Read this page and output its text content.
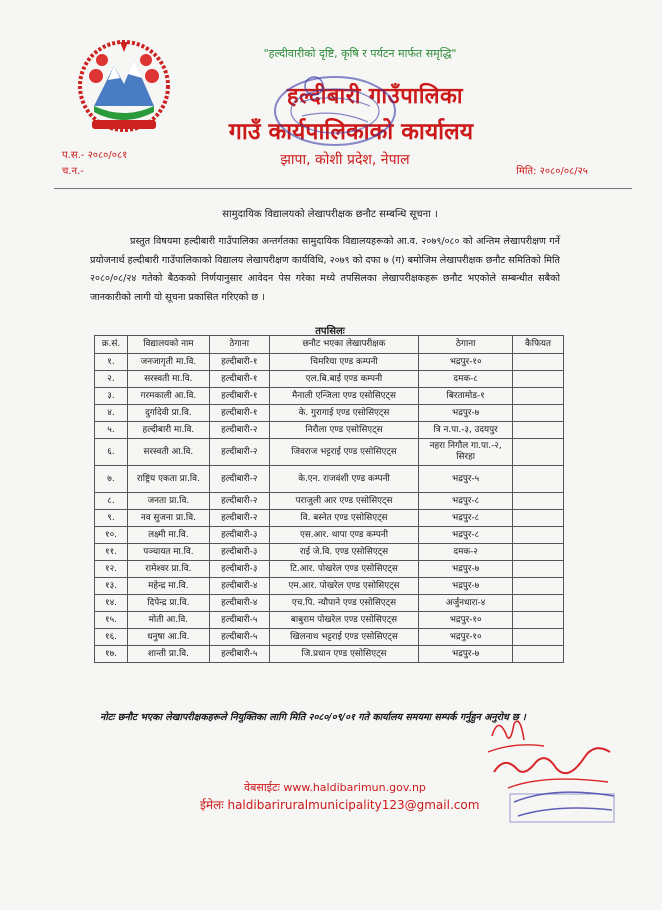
"हल्दीवारीको दृष्टि, कृषि र पर्यटन मार्फत समृद्धि"
हल्दीबारी गाउँपालिका
गाउँ कार्यपालिकाको कार्यालय
झापा, कोशी प्रदेश, नेपाल
प.स.- २०८०/०८१
च.न.-	मिति: २०८०/०८/२५
सामुदायिक विद्यालयको लेखापरीक्षक छनौट सम्बन्धि सूचना ।
प्रस्तुत विषयमा हल्दीबारी गाउँपालिका अन्तर्गतका सामुदायिक विद्यालयहरूको आ.व. २०७९/०८० को अन्तिम लेखापरीक्षण गर्ने प्रयोजनार्थ हल्दीबारी गाउँपालिकाको विद्यालय लेखापरीक्षण कार्यविधि, २०७९ को दफा ७ (ग) बमोजिम लेखापरीक्षक छनौट समितिको मिति २०८०/०८/२४ गतेको बैठकको निर्णयानुसार आवेदन पेस गरेका मध्ये तपसिलका लेखापरीक्षकहरू छनौट भएकोले सम्बन्धीत सबैको जानकारीको लागी यो सूचना प्रकासित गरिएको छ ।
तपसिलः
क्र.सं.	विद्यालयको नाम	ठेगाना	छनौट भएका लेखापरीक्षक	ठेगाना	कैफियत
१.	जनजागृती मा.वि.	हल्दीबारी-१	चिमरिया एण्ड कम्पनी	भद्रपुर-१०	
२.	सरस्वती मा.वि.	हल्दीबारी-१	एल.बि.बाई एण्ड कम्पनी	दमक-८	
३.	गरमकाली आ.वि.	हल्दीबारी-१	मैनाली एन्जिला एण्ड एसोसिएट्स	बिरतामोड-१	
४.	दुर्गादेवी प्रा.वि.	हल्दीबारी-१	के. गुरागाई एण्ड एसोसिएट्स	भद्रपुर-७	
५.	हल्दीबारी मा.वि.	हल्दीबारी-२	निरौला एण्ड एसोसिएट्स	त्रि न.पा.-३, उदयपुर	
६.	सरस्वती आ.वि.	हल्दीबारी-२	जिवराज भट्टराई एण्ड एसोसिएट्स	नहरा निगौल गा.पा.-२, सिरहा	
७.	राष्ट्रिय एकता प्रा.वि.	हल्दीबारी-२	के.एन. राजवंशी एण्ड कम्पनी	भद्रपुर-५	
८.	जनता प्रा.वि.	हल्दीबारी-२	पराजुली आर एण्ड एसोसिएट्स	भद्रपुर-८	
९.	नव सुजना प्रा.वि.	हल्दीबारी-२	वि. बस्नेत एण्ड एसोसिएट्स	भद्रपुर-८	
१०.	लक्ष्मी मा.वि.	हल्दीबारी-३	एस.आर. थापा एण्ड कम्पनी	भद्रपुर-८	
११.	पञ्चायत मा.वि.	हल्दीबारी-३	राई जे.वि. एण्ड एसोसिएट्स	दमक-२	
१२.	रामेश्वर प्रा.वि.	हल्दीबारी-३	टि.आर. पोखरेल एण्ड एसोसिएट्स	भद्रपुर-७	
१३.	महेन्द्र मा.वि.	हल्दीबारी-४	एम.आर. पोखरेल एण्ड एसोसिएट्स	भद्रपुर-७	
१४.	दिपेन्द्र प्रा.वि.	हल्दीबारी-४	एच.पि. न्यौपाने एण्ड एसोसिएट्स	अर्जुनधारा-४	
१५.	मोती आ.वि.	हल्दीबारी-५	बाबुराम पोखरेल एण्ड एसोसिएट्स	भद्रपुर-१०	
१६.	धनुषा आ.वि.	हल्दीबारी-५	खिलनाथ भट्टराई एण्ड एसोसिएट्स	भद्रपुर-१०	
१७.	शान्ती प्रा.वि.	हल्दीबारी-५	जि.प्रधान एण्ड एसोसिएट्स	भद्रपुर-७	
नोटः छनौट भएका लेखापरीक्षकहरूले नियुक्तिका लागि मिति २०८०/०९/०१ गते कार्यालय समयमा सम्पर्क गर्नुहुन अनुरोध छ ।
वेबसाईटः www.haldibarimun.gov.np
ईमेलः haldibariruralmunicipality123@gmail.com
